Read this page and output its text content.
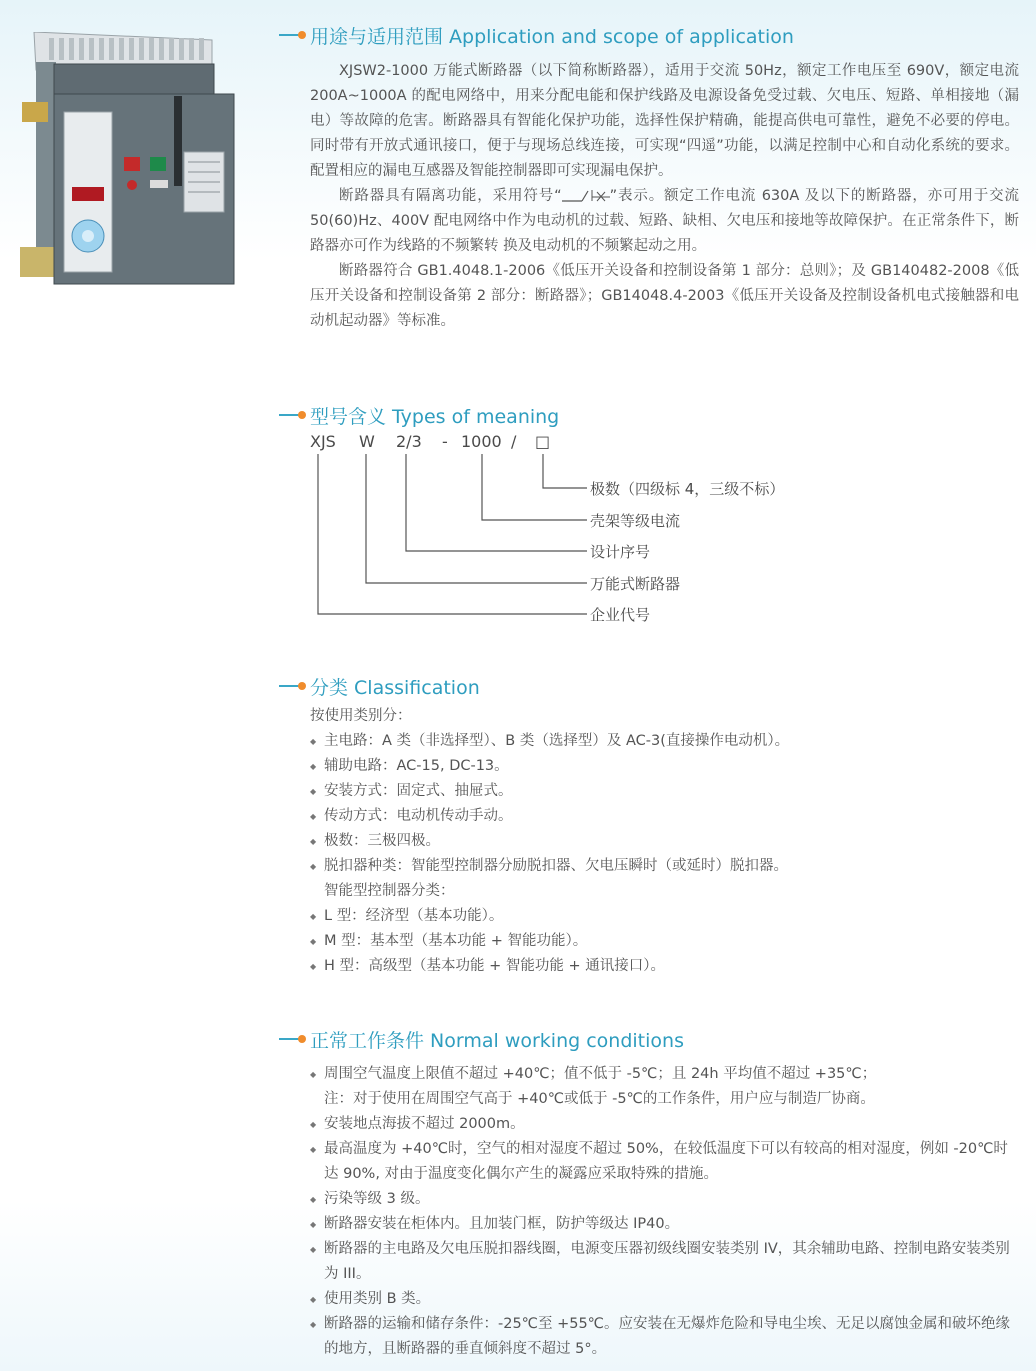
用途与适用范围 Application and scope of application

XJSW2-1000 万能式断路器（以下简称断路器），适用于交流 50Hz，额定工作电压至 690V，额定电流 200A~1000A 的配电网络中，用来分配电能和保护线路及电源设备免受过载、欠电压、短路、单相接地（漏电）等故障的危害。断路器具有智能化保护功能，选择性保护精确，能提高供电可靠性，避免不必要的停电。同时带有开放式通讯接口，便于与现场总线连接，可实现“四遥”功能，以满足控制中心和自动化系统的要求。配置相应的漏电互感器及智能控制器即可实现漏电保护。

断路器具有隔离功能，采用符号“	”表示。额定工作电流 630A 及以下的断路器，亦可用于交流 50(60)Hz、400V 配电网络中作为电动机的过载、短路、缺相、欠电压和接地等故障保护。在正常条件下，断路器亦可作为线路的不频繁转 换及电动机的不频繁起动之用。

断路器符合 GB1.4048.1-2006《低压开关设备和控制设备第 1 部分：总则》；及 GB140482-2008《低压开关设备和控制设备第 2 部分：断路器》；GB14048.4-2003《低压开关设备及控制设备机电式接触器和电动机起动器》等标准。

型号含义 Types of meaning
XJS W 2/3 - 1000 / □
极数（四级标 4，三级不标）
壳架等级电流
设计序号
万能式断路器
企业代号
分类 Classification
按使用类别分：
◆ 主电路：A 类（非选择型）、B 类（选择型）及 AC-3(直接操作电动机）。
◆ 辅助电路：AC-15, DC-13。
◆ 安装方式：固定式、抽屉式。
◆ 传动方式：电动机传动手动。
◆ 极数：三极四极。
◆ 脱扣器种类：智能型控制器分励脱扣器、欠电压瞬时（或延时）脱扣器。
智能型控制器分类：
◆ L 型：经济型（基本功能）。
◆ M 型：基本型（基本功能 + 智能功能）。
◆ H 型：高级型（基本功能 + 智能功能 + 通讯接口）。
正常工作条件 Normal working conditions
◆ 周围空气温度上限值不超过 +40℃；值不低于 -5℃；且 24h 平均值不超过 +35℃；
注：对于使用在周围空气高于 +40℃或低于 -5℃的工作条件，用户应与制造厂协商。
◆ 安装地点海拔不超过 2000m。
◆ 最高温度为 +40℃时，空气的相对湿度不超过 50%，在较低温度下可以有较高的相对湿度，例如 -20℃时达 90%, 对由于温度变化偶尔产生的凝露应采取特殊的措施。
◆ 污染等级 3 级。
◆ 断路器安装在柜体内。且加装门框，防护等级达 IP40。
◆ 断路器的主电路及欠电压脱扣器线圈，电源变压器初级线圈安装类别 IV，其余辅助电路、控制电路安装类别为 III。
◆ 使用类别 B 类。
◆ 断路器的运输和储存条件：-25℃至 +55℃。应安装在无爆炸危险和导电尘埃、无足以腐蚀金属和破坏绝缘的地方，且断路器的垂直倾斜度不超过 5°。
